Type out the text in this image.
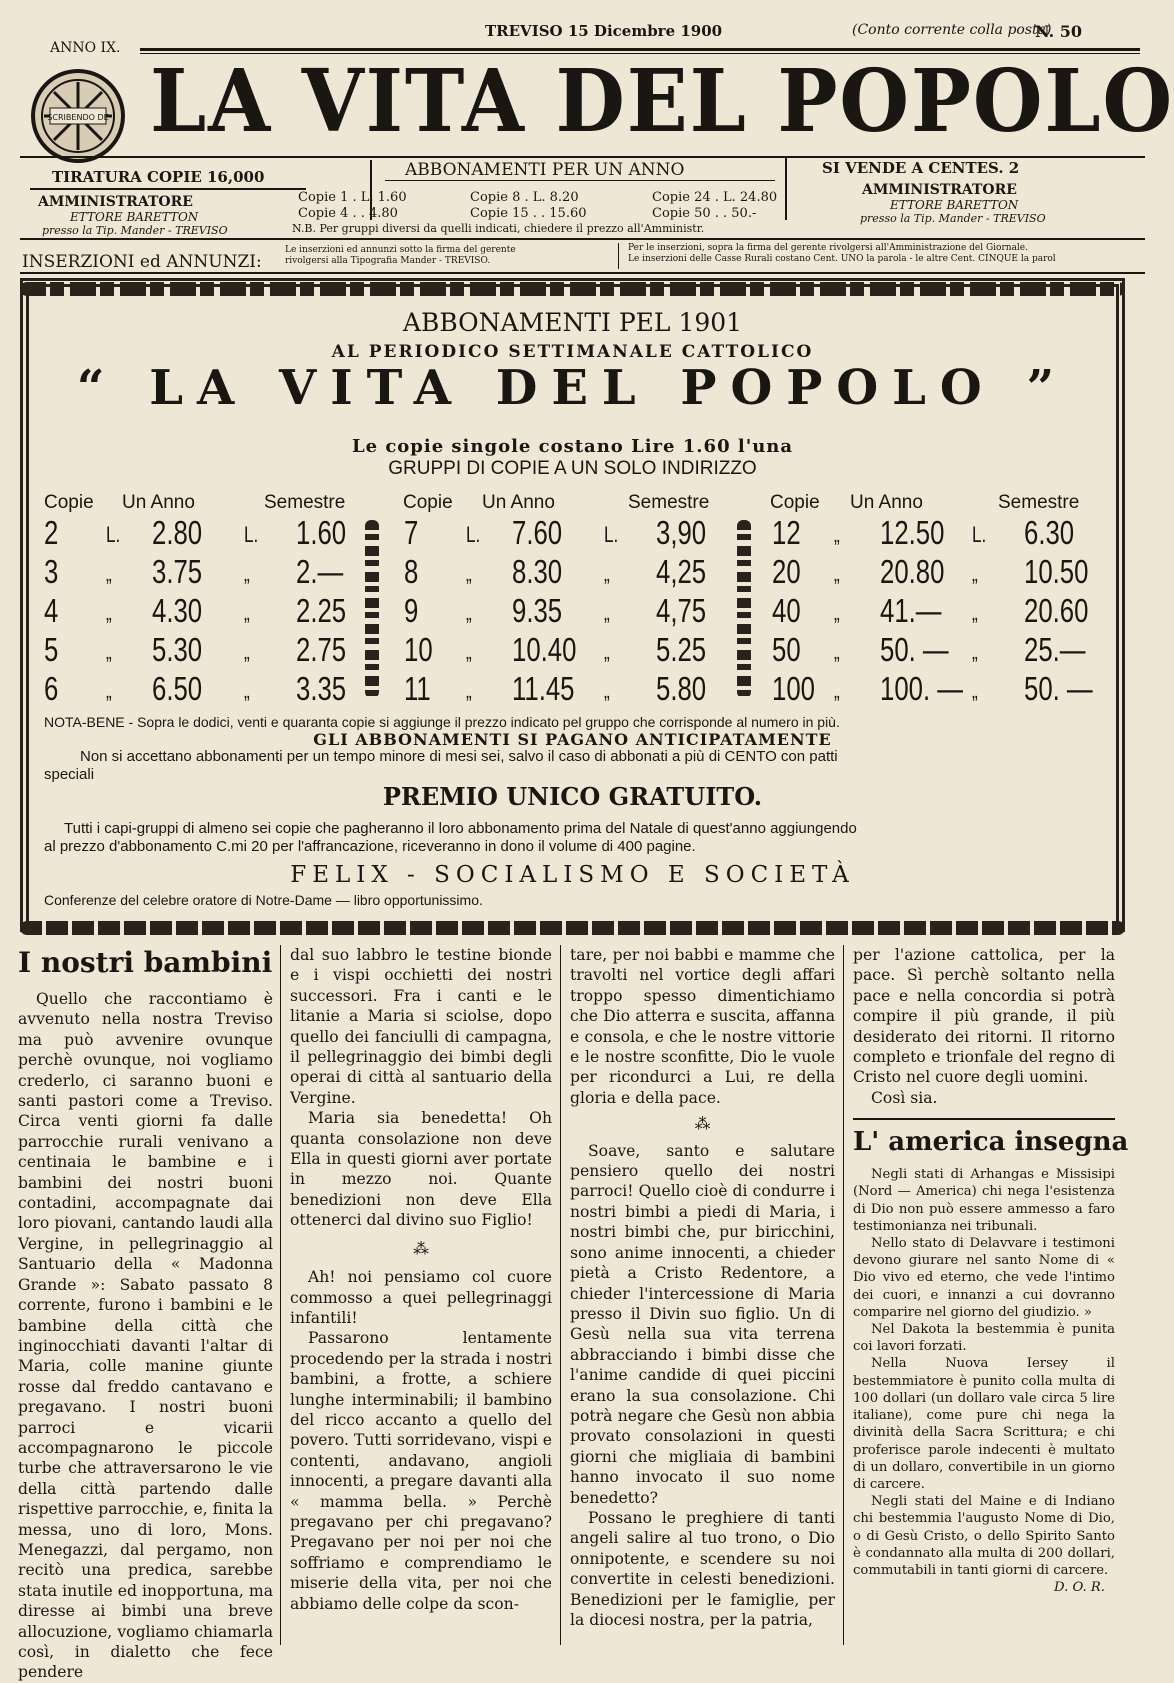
ANNO IX.
TREVISO 15 Dicembre 1900	(Conto corrente colla posta)
N. 50
SCRIBENDO DE LA VITA DEL POPOLO
TIRATURA COPIE 16,000	ABBONAMENTI PER UN ANNO	SI VENDE A CENTES. 2
AMMINISTRATORE
ETTORE BARETTON
presso la Tip. Mander - TREVISO
Copie 1 . L. 1.60	Copie 8 . L. 8.20	Copie 24 . L. 24.80
Copie 4 . . 4.80	Copie 15 . . 15.60	Copie 50 . . 50.-
N.B. Per gruppi diversi da quelli indicati, chiedere il prezzo all'Amministr.
AMMINISTRATORE
ETTORE BARETTON
presso la Tip. Mander - TREVISO
INSERZIONI ed ANNUNZI:
Le inserzioni ed annunzi sotto la firma del gerente
rivolgersi alla Tipografia Mander - TREVISO.
Per le inserzioni, sopra la firma del gerente rivolgersi all'Amministrazione del Giornale.
Le inserzioni delle Casse Rurali costano Cent. UNO la parola - le altre Cent. CINQUE la parol
ABBONAMENTI PEL 1901
AL PERIODICO SETTIMANALE CATTOLICO
“ LA VITA DEL POPOLO ”
Le copie singole costano Lire 1.60 l'una
GRUPPI DI COPIE A UN SOLO INDIRIZZO
Copie Un Anno	Semestre	Copie Un Anno	Semestre	Copie Un Anno	Semestre
2 L. 2.80 L. 1.60 7 L. 7.60 L. 3,90 12 „ 12.50 L. 6.30
3 „ 3.75 „ 2.— 8 „ 8.30 „ 4,25 20 „ 20.80 „ 10.50
4 „ 4.30 „ 2.25 9 „ 9.35 „ 4,75 40 „ 41.— „ 20.60
5 „ 5.30 „ 2.75 10 „ 10.40 „ 5.25 50 „ 50. — „ 25.—
6 „ 6.50 „ 3.35 11 „ 11.45 „ 5.80 100 „ 100. — „ 50. —
NOTA-BENE - Sopra le dodici, venti e quaranta copie si aggiunge il prezzo indicato pel gruppo che corrisponde al numero in più.
GLI ABBONAMENTI SI PAGANO ANTICIPATAMENTE
Non si accettano abbonamenti per un tempo minore di mesi sei, salvo il caso di abbonati a più di CENTO con patti
speciali
PREMIO UNICO GRATUITO.
Tutti i capi-gruppi di almeno sei copie che pagheranno il loro abbonamento prima del Natale di quest'anno aggiungendo
al prezzo d'abbonamento C.mi 20 per l'affrancazione, riceveranno in dono il volume di 400 pagine.
FELIX - SOCIALISMO E SOCIETÀ
Conferenze del celebre oratore di Notre-Dame — libro opportunissimo.
I nostri bambini

Quello che raccontiamo è avvenuto nella nostra Treviso ma può avvenire ovunque perchè ovunque, noi vogliamo crederlo, ci saranno buoni e santi pastori come a Treviso. Circa venti giorni fa dalle parrocchie rurali venivano a centinaia le bambine e i bambini dei nostri buoni contadini, accompagnate dai loro piovani, cantando laudi alla Vergine, in pellegrinaggio al Santuario della « Madonna Grande »: Sabato passato 8 corrente, furono i bambini e le bambine della città che inginocchiati davanti l'altar di Maria, colle manine giunte rosse dal freddo cantavano e pregavano. I nostri buoni parroci e vicarii accompagnarono le piccole turbe che attraversarono le vie della città partendo dalle rispettive parrocchie, e, finita la messa, uno di loro, Mons. Menegazzi, dal pergamo, non recitò una predica, sarebbe stata inutile ed inopportuna, ma diresse ai bimbi una breve allocuzione, vogliamo chiamarla così, in dialetto che fece pendere

dal suo labbro le testine bionde e i vispi occhietti dei nostri successori. Fra i canti e le litanie a Maria si sciolse, dopo quello dei fanciulli di campagna, il pellegrinaggio dei bimbi degli operai di città al santuario della Vergine.

Maria sia benedetta! Oh quanta consolazione non deve Ella in questi giorni aver portate in mezzo noi. Quante benedizioni non deve Ella ottenerci dal divino suo Figlio!

⁂

Ah! noi pensiamo col cuore commosso a quei pellegrinaggi infantili!

Passarono lentamente procedendo per la strada i nostri bambini, a frotte, a schiere lunghe interminabili; il bambino del ricco accanto a quello del povero. Tutti sorridevano, vispi e contenti, andavano, angioli innocenti, a pregare davanti alla « mamma bella. » Perchè pregavano per chi pregavano? Pregavano per noi per noi che soffriamo e comprendiamo le miserie della vita, per noi che abbiamo delle colpe da scon-

tare, per noi babbi e mamme che travolti nel vortice degli affari troppo spesso dimentichiamo che Dio atterra e suscita, affanna e consola, e che le nostre vittorie e le nostre sconfitte, Dio le vuole per ricondurci a Lui, re della gloria e della pace.

⁂

Soave, santo e salutare pensiero quello dei nostri parroci! Quello cioè di condurre i nostri bimbi a piedi di Maria, i nostri bimbi che, pur biricchini, sono anime innocenti, a chieder pietà a Cristo Redentore, a chieder l'intercessione di Maria presso il Divin suo figlio. Un di Gesù nella sua vita terrena abbracciando i bimbi disse che l'anime candide di quei piccini erano la sua consolazione. Chi potrà negare che Gesù non abbia provato consolazioni in questi giorni che migliaia di bambini hanno invocato il suo nome benedetto?

Possano le preghiere di tanti angeli salire al tuo trono, o Dio onnipotente, e scendere su noi convertite in celesti benedizioni. Benedizioni per le famiglie, per la diocesi nostra, per la patria,

per l'azione cattolica, per la pace. Sì perchè soltanto nella pace e nella concordia si potrà compire il più grande, il più desiderato dei ritorni. Il ritorno completo e trionfale del regno di Cristo nel cuore degli uomini.

Così sia.

L' america insegna

Negli stati di Arhangas e Missisipi (Nord — America) chi nega l'esistenza di Dio non può essere ammesso a faro testimonianza nei tribunali.

Nello stato di Delavvare i testimoni devono giurare nel santo Nome di « Dio vivo ed eterno, che vede l'intimo dei cuori, e innanzi a cui dovranno comparire nel giorno del giudizio. »

Nel Dakota la bestemmia è punita coi lavori forzati.

Nella Nuova Iersey il bestemmiatore è punito colla multa di 100 dollari (un dollaro vale circa 5 lire italiane), come pure chi nega la divinità della Sacra Scrittura; e chi proferisce parole indecenti è multato di un dollaro, convertibile in un giorno di carcere.

Negli stati del Maine e di Indiano chi bestemmia l'augusto Nome di Dio, o di Gesù Cristo, o dello Spirito Santo è condannato alla multa di 200 dollari, commutabili in tanti giorni di carcere.

D. O. R.
